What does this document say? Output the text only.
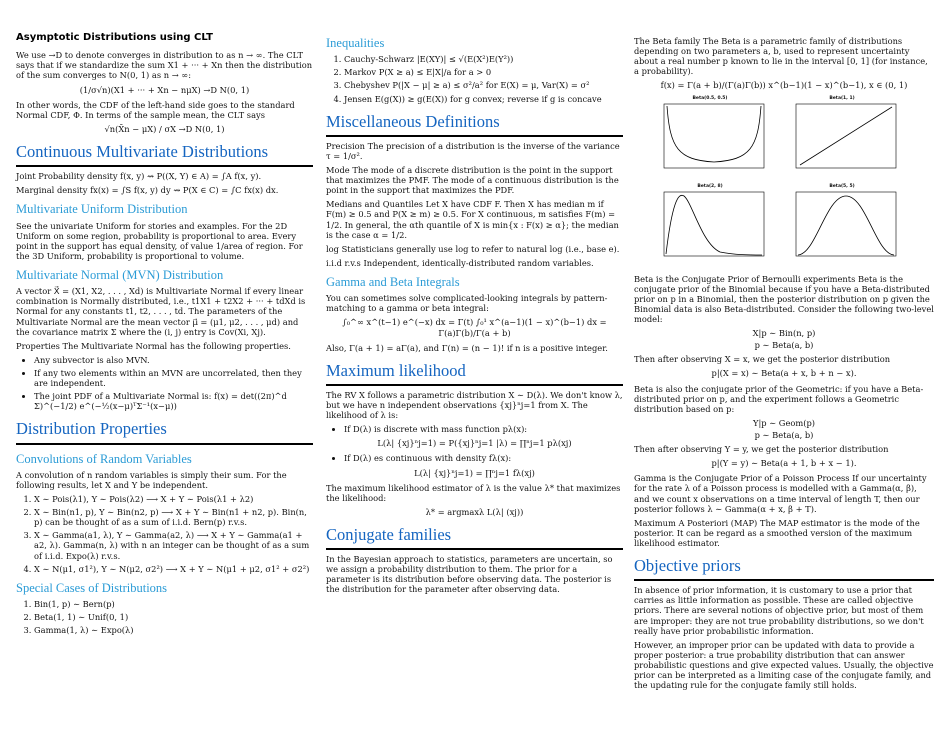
Asymptotic Distributions using CLT

We use →D to denote converges in distribution to as n → ∞. The CLT says that if we standardize the sum X1 + ··· + Xn then the distribution of the sum converges to N(0, 1) as n → ∞:

(1/σ√n)(X1 + ··· + Xn − nμX) →D N(0, 1)

In other words, the CDF of the left-hand side goes to the standard Normal CDF, Φ. In terms of the sample mean, the CLT says

√n(X̄n − μX) / σX →D N(0, 1)
Continuous Multivariate Distributions

Joint Probability density f(x, y) ⇝ P((X, Y) ∈ A) = ∫A f(x, y).

Marginal density fx(x) = ∫S f(x, y) dy ⇝ P(X ∈ C) = ∫C fx(x) dx.

Multivariate Uniform Distribution

See the univariate Uniform for stories and examples. For the 2D Uniform on some region, probability is proportional to area. Every point in the support has equal density, of value 1/area of region. For the 3D Uniform, probability is proportional to volume.

Multivariate Normal (MVN) Distribution

A vector X⃗ = (X1, X2, . . . , Xd) is Multivariate Normal if every linear combination is Normally distributed, i.e., t1X1 + t2X2 + ··· + tdXd is Normal for any constants t1, t2, . . . , td. The parameters of the Multivariate Normal are the mean vector μ⃗ = (μ1, μ2, . . . , μd) and the covariance matrix Σ where the (i, j) entry is Cov(Xi, Xj).

Properties The Multivariate Normal has the following properties.

• Any subvector is also MVN.
• If any two elements within an MVN are uncorrelated, then they are independent.
• The joint PDF of a Multivariate Normal is: f(x) = det((2π)^d Σ)^(−1/2) e^(−½(x−μ)ᵀΣ⁻¹(x−μ))
Distribution Properties
Convolutions of Random Variables

A convolution of n random variables is simply their sum. For the following results, let X and Y be independent.

1. X ∼ Pois(λ1), Y ∼ Pois(λ2) ⟶ X + Y ∼ Pois(λ1 + λ2)
2. X ∼ Bin(n1, p), Y ∼ Bin(n2, p) ⟶ X + Y ∼ Bin(n1 + n2, p). Bin(n, p) can be thought of as a sum of i.i.d. Bern(p) r.v.s.
3. X ∼ Gamma(a1, λ), Y ∼ Gamma(a2, λ) ⟶ X + Y ∼ Gamma(a1 + a2, λ). Gamma(n, λ) with n an integer can be thought of as a sum of i.i.d. Expo(λ) r.v.s.
4. X ∼ N(μ1, σ1²), Y ∼ N(μ2, σ2²) ⟶ X + Y ∼ N(μ1 + μ2, σ1² + σ2²)
Special Cases of Distributions
1. Bin(1, p) ∼ Bern(p)
2. Beta(1, 1) ∼ Unif(0, 1)
3. Gamma(1, λ) ∼ Expo(λ)
Inequalities
1. Cauchy-Schwarz |E(XY)| ≤ √(E(X²)E(Y²))
2. Markov P(X ≥ a) ≤ E|X|/a for a > 0
3. Chebyshev P(|X − μ| ≥ a) ≤ σ²/a² for E(X) = μ, Var(X) = σ²
4. Jensen E(g(X)) ≥ g(E(X)) for g convex; reverse if g is concave
Miscellaneous Definitions

Precision The precision of a distribution is the inverse of the variance τ = 1/σ².

Mode The mode of a discrete distribution is the point in the support that maximizes the PMF. The mode of a continuous distribution is the point in the support that maximizes the PDF.

Medians and Quantiles Let X have CDF F. Then X has median m if F(m) ≥ 0.5 and P(X ≥ m) ≥ 0.5. For X continuous, m satisfies F(m) = 1/2. In general, the αth quantile of X is min{x : F(x) ≥ α}; the median is the case α = 1/2.

log Statisticians generally use log to refer to natural log (i.e., base e).

i.i.d r.v.s Independent, identically-distributed random variables.

Gamma and Beta Integrals

You can sometimes solve complicated-looking integrals by pattern-matching to a gamma or beta integral:

∫₀^∞ x^(t−1) e^(−x) dx = Γ(t) ∫₀¹ x^(a−1)(1 − x)^(b−1) dx = Γ(a)Γ(b)/Γ(a + b)

Also, Γ(a + 1) = aΓ(a), and Γ(n) = (n − 1)! if n is a positive integer.

Maximum likelihood

The RV X follows a parametric distribution X ∼ D(λ). We don't know λ, but we have n independent observations {xj}ⁿj=1 from X. The likelihood of λ is:

• If D(λ) is discrete with mass function pλ(x):
L(λ| {xj}ⁿj=1) = P({xj}ⁿj=1 |λ) = ∏ⁿj=1 pλ(xj)
• If D(λ) es continuous with density fλ(x):
L(λ| {xj}ⁿj=1) = ∏ⁿj=1 fλ(xj)

The maximum likelihood estimator of λ is the value λ* that maximizes the likelihood:

λ* = argmaxλ L(λ| (xj))
Conjugate families

In the Bayesian approach to statistics, parameters are uncertain, so we assign a probability distribution to them. The prior for a parameter is its distribution before observing data. The posterior is the distribution for the parameter after observing data.

The Beta family The Beta is a parametric family of distributions depending on two parameters a, b, used to represent uncertainty about a real number p known to lie in the interval [0, 1] (for instance, a probability).

f(x) = Γ(a + b)/(Γ(a)Γ(b)) x^(b−1)(1 − x)^(b−1), x ∈ (0, 1)
Beta(0.5, 0.5)	Beta(1, 1)
Beta(2, 8)	Beta(5, 5)

Beta is the Conjugate Prior of Bernoulli experiments Beta is the conjugate prior of the Binomial because if you have a Beta-distributed prior on p in a Binomial, then the posterior distribution on p given the Binomial data is also Beta-distributed. Consider the following two-level model:

X|p ∼ Bin(n, p)
p ∼ Beta(a, b)

Then after observing X = x, we get the posterior distribution

p|(X = x) ∼ Beta(a + x, b + n − x).

Beta is also the conjugate prior of the Geometric: if you have a Beta-distributed prior on p, and the experiment follows a Geometric distribution based on p:

Y|p ∼ Geom(p)
p ∼ Beta(a, b)

Then after observing Y = y, we get the posterior distribution

p|(Y = y) ∼ Beta(a + 1, b + x − 1).

Gamma is the Conjugate Prior of a Poisson Process If our uncertainty for the rate λ of a Poisson process is modelled with a Gamma(α, β), and we count x observations on a time interval of length T, then our posterior follows λ ∼ Gamma(α + x, β + T).

Maximum A Posteriori (MAP) The MAP estimator is the mode of the posterior. It can be regard as a smoothed version of the maximum likelihood estimator.

Objective priors

In absence of prior information, it is customary to use a prior that carries as little information as possible. These are called objective priors. There are several notions of objective prior, but most of them are improper: they are not true probability distributions, so we don't really have prior probabilistic information.

However, an improper prior can be updated with data to provide a proper posterior: a true probability distribution that can answer probabilistic questions and give expected values. Usually, the objective prior can be interpreted as a limiting case of the conjugate family, and the updating rule for the conjugate family still holds.
